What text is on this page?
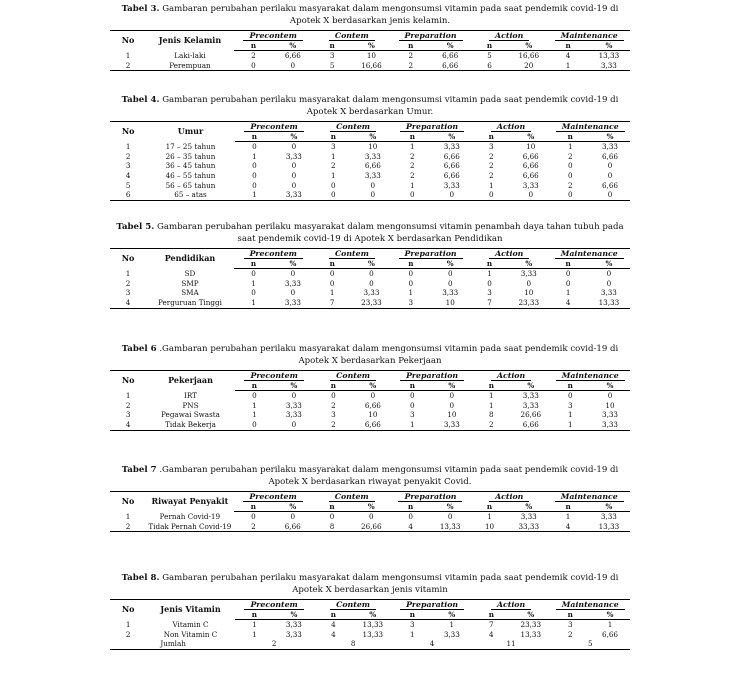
Tabel 3. Gambaran perubahan perilaku masyarakat dalam mengonsumsi vitamin pada saat pendemik covid-19 di Apotek X berdasarkan jenis kelamin.

No	Jenis Kelamin	Precontem		Contem		Preparation		Action		Maintenance	
		n	%	n	%	n	%	n	%	n	%
1	Laki-laki	2	6,66	3	10	2	6,66	5	16,66	4	13,33
2	Perempuan	0	0	5	16,66	2	6,66	6	20	1	3,33

Tabel 4. Gambaran perubahan perilaku masyarakat dalam mengonsumsi vitamin pada saat pendemik covid-19 di Apotek X berdasarkan Umur.

No	Umur	Precontem		Contem		Preparation		Action		Maintenance	
		n	%	n	%	n	%	n	%	n	%
1	17 – 25 tahun	0	0	3	10	1	3,33	3	10	1	3,33
2	26 – 35 tahun	1	3,33	1	3,33	2	6,66	2	6,66	2	6,66
3	36 – 45 tahun	0	0	2	6,66	2	6,66	2	6,66	0	0
4	46 – 55 tahun	0	0	1	3,33	2	6,66	2	6,66	0	0
5	56 – 65 tahun	0	0	0	0	1	3,33	1	3,33	2	6,66
6	65 – atas	1	3,33	0	0	0	0	0	0	0	0

Tabel 5. Gambaran perubahan perilaku masyarakat dalam mengonsumsi vitamin penambah daya tahan tubuh pada saat pendemik covid-19 di Apotek X berdasarkan Pendidikan

No	Pendidikan	Precontem		Contem		Preparation		Action		Maintenance	
		n	%	n	%	n	%	n	%	n	%
1	SD	0	0	0	0	0	0	1	3,33	0	0
2	SMP	1	3,33	0	0	0	0	0	0	0	0
3	SMA	0	0	1	3,33	1	3,33	3	10	1	3,33
4	Perguruan Tinggi	1	3,33	7	23,33	3	10	7	23,33	4	13,33

Tabel 6 .Gambaran perubahan perilaku masyarakat dalam mengonsumsi vitamin pada saat pendemik covid-19 di Apotek X berdasarkan Pekerjaan

No	Pekerjaan	Precontem		Contem		Preparation		Action		Maintenance	
		n	%	n	%	n	%	n	%	n	%
1	IRT	0	0	0	0	0	0	1	3,33	0	0
2	PNS	1	3,33	2	6,66	0	0	1	3,33	3	10
3	Pegawai Swasta	1	3,33	3	10	3	10	8	26,66	1	3,33
4	Tidak Bekerja	0	0	2	6,66	1	3,33	2	6,66	1	3,33

Tabel 7 .Gambaran perubahan perilaku masyarakat dalam mengonsumsi vitamin pada saat pendemik covid-19 di Apotek X berdasarkan riwayat penyakit Covid.

No	Riwayat Penyakit	Precontem		Contem		Preparation		Action		Maintenance	
		n	%	n	%	n	%	n	%	n	%
1	Pernah Covid-19	0	0	0	0	0	0	1	3,33	1	3,33
2	Tidak Pernah Covid-19	2	6,66	8	26,66	4	13,33	10	33,33	4	13,33

Tabel 8. Gambaran perubahan perilaku masyarakat dalam mengonsumsi vitamin pada saat pendemik covid-19 di Apotek X berdasarkan jenis vitamin

No	Jenis Vitamin	Precontem		Contem		Preparation		Action		Maintenance	
		n	%	n	%	n	%	n	%	n	%
1	Vitamin C	1	3,33	4	13,33	3	1	7	23,33	3	1
2	Non Vitamin C	1	3,33	4	13,33	1	3,33	4	13,33	2	6,66
	Jumlah	2		8		4		11		5	
